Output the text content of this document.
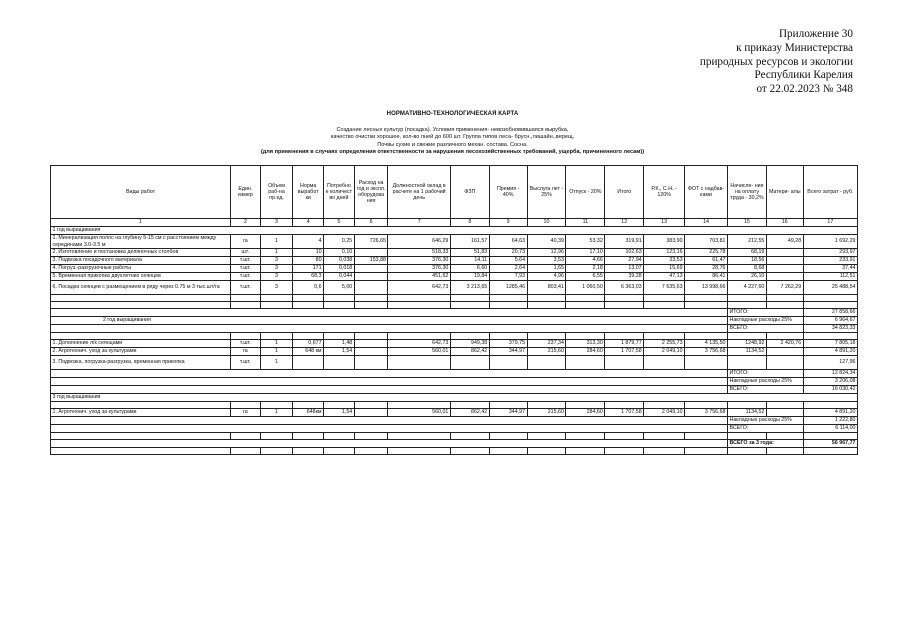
Приложение 30
к приказу Министерства
природных ресурсов и экологии
Республики Карелия
от 22.02.2023 № 348
НОРМАТИВНО-ТЕХНОЛОГИЧЕСКАЯ КАРТА
Создание лесных культур (посадка). Условия применения- невозобновившаяся вырубка,
качество очистки хорошее, кол-во пней до 600 шт. Группа типов леса- брусн.,лишайн.,верещ.
Почвы сухие и свежие различного механ. состава. Сосна.
(для применения в случаях определения ответственности за нарушения лесохозяйственных требований, ущерба, причиненного лесам))
Виды работ	Един. измер	Объем раб-на пр.ед.	Норма выработ ки	Потребно е количест во дней	Расход на год и экспл. оборудова ния	Должностной оклад в расчете на 1 рабочий день	ФЗП	Премия - 40%	Выслуга лет - 25%	Отпуск - 20%	Итого	Р.К., С.Н. - 120%	ФОТ с надбав- ками	Начисле- ния на оплату труда - 30,2%	Матери- алы	Всего затрат - руб.
1	2	3	4	5	6	7	8	9	10	11	12	13	14	15	16	17
1 год выращивания																
1. Минерализация полос на глубину 5-15 см с расстоянием между серединами 3.0-3.5 м	га	1	4	0,25	726,65	646,29	161,57	64,63	40,39	53,32	319,91	383,90	703,81	212,55	49,28	1 692,29
2. Изготовление и постановка деляночных столбов	шт.	1	10	0,10		518,33	51,83	20,73	12,96	17,10	102,63	123,16	225,78	68,19		293,97
3. Подвозка посадочного материала	т.шт.	3	80	0,038	153,88	376,30	14,11	5,64	3,53	4,66	27,94	33,53	61,47	18,56		233,91
4. Погруз.-разгрузочные работы	т.шт.	3	171	0,018		376,30	6,60	2,64	1,65	2,18	13,07	15,69	28,76	8,68		37,44
5. Временная прикопка двухлетних сеянцев	т.шт.	3	68,3	0,044		451,62	19,84	7,93	4,96	6,55	39,28	47,13	86,41	26,10		112,51
6. Посадка сеянцев с размещением в ряду через 0.75 м 3 тыс.шт/га	т.шт.	3	0,6	5,00		642,73	3 213,65	1285,46	803,41	1 060,50	6 363,03	7 635,63	13 998,66	4 227,60	7 262,29	25 488,54

														ИТОГО:		27 858,66
2 год выращивания														Накладные расходы 25%		6 964,67
														ВСЕГО:		34 823,33

1. Дополнение л/к сеянцами	т.шт.	1	0,677	1,48		642,73	949,38	379,75	237,34	313,30	1 879,77	2 255,73	4 135,50	1248,92	2 420,76	7 805,18
2. Агротехнич. уход за культурами	га	1	648 км	1,54		560,01	862,42	344,97	215,60	284,60	1 707,58	2 049,10	3 756,68	1134,52		4 891,20
3. Подвозка, погрузка-разгрузка, временная прикопка	т.шт.	1														127,96
														ИТОГО:		12 824,34
														Накладные расходы 25%		3 206,08
														ВСЕГО:		16 030,42
3 год выращивания																

1. Агротехнич. уход за культурами	га	1	648км	1,54		560,01	862,42	344,97	215,60	284,60	1 707,58	2 049,10	3 756,68	1134,52		4 891,20
														Накладные расходы 25%		1 222,80
														ВСЕГО:		6 114,00

														ВСЕГО за 3 года:		56 967,77
